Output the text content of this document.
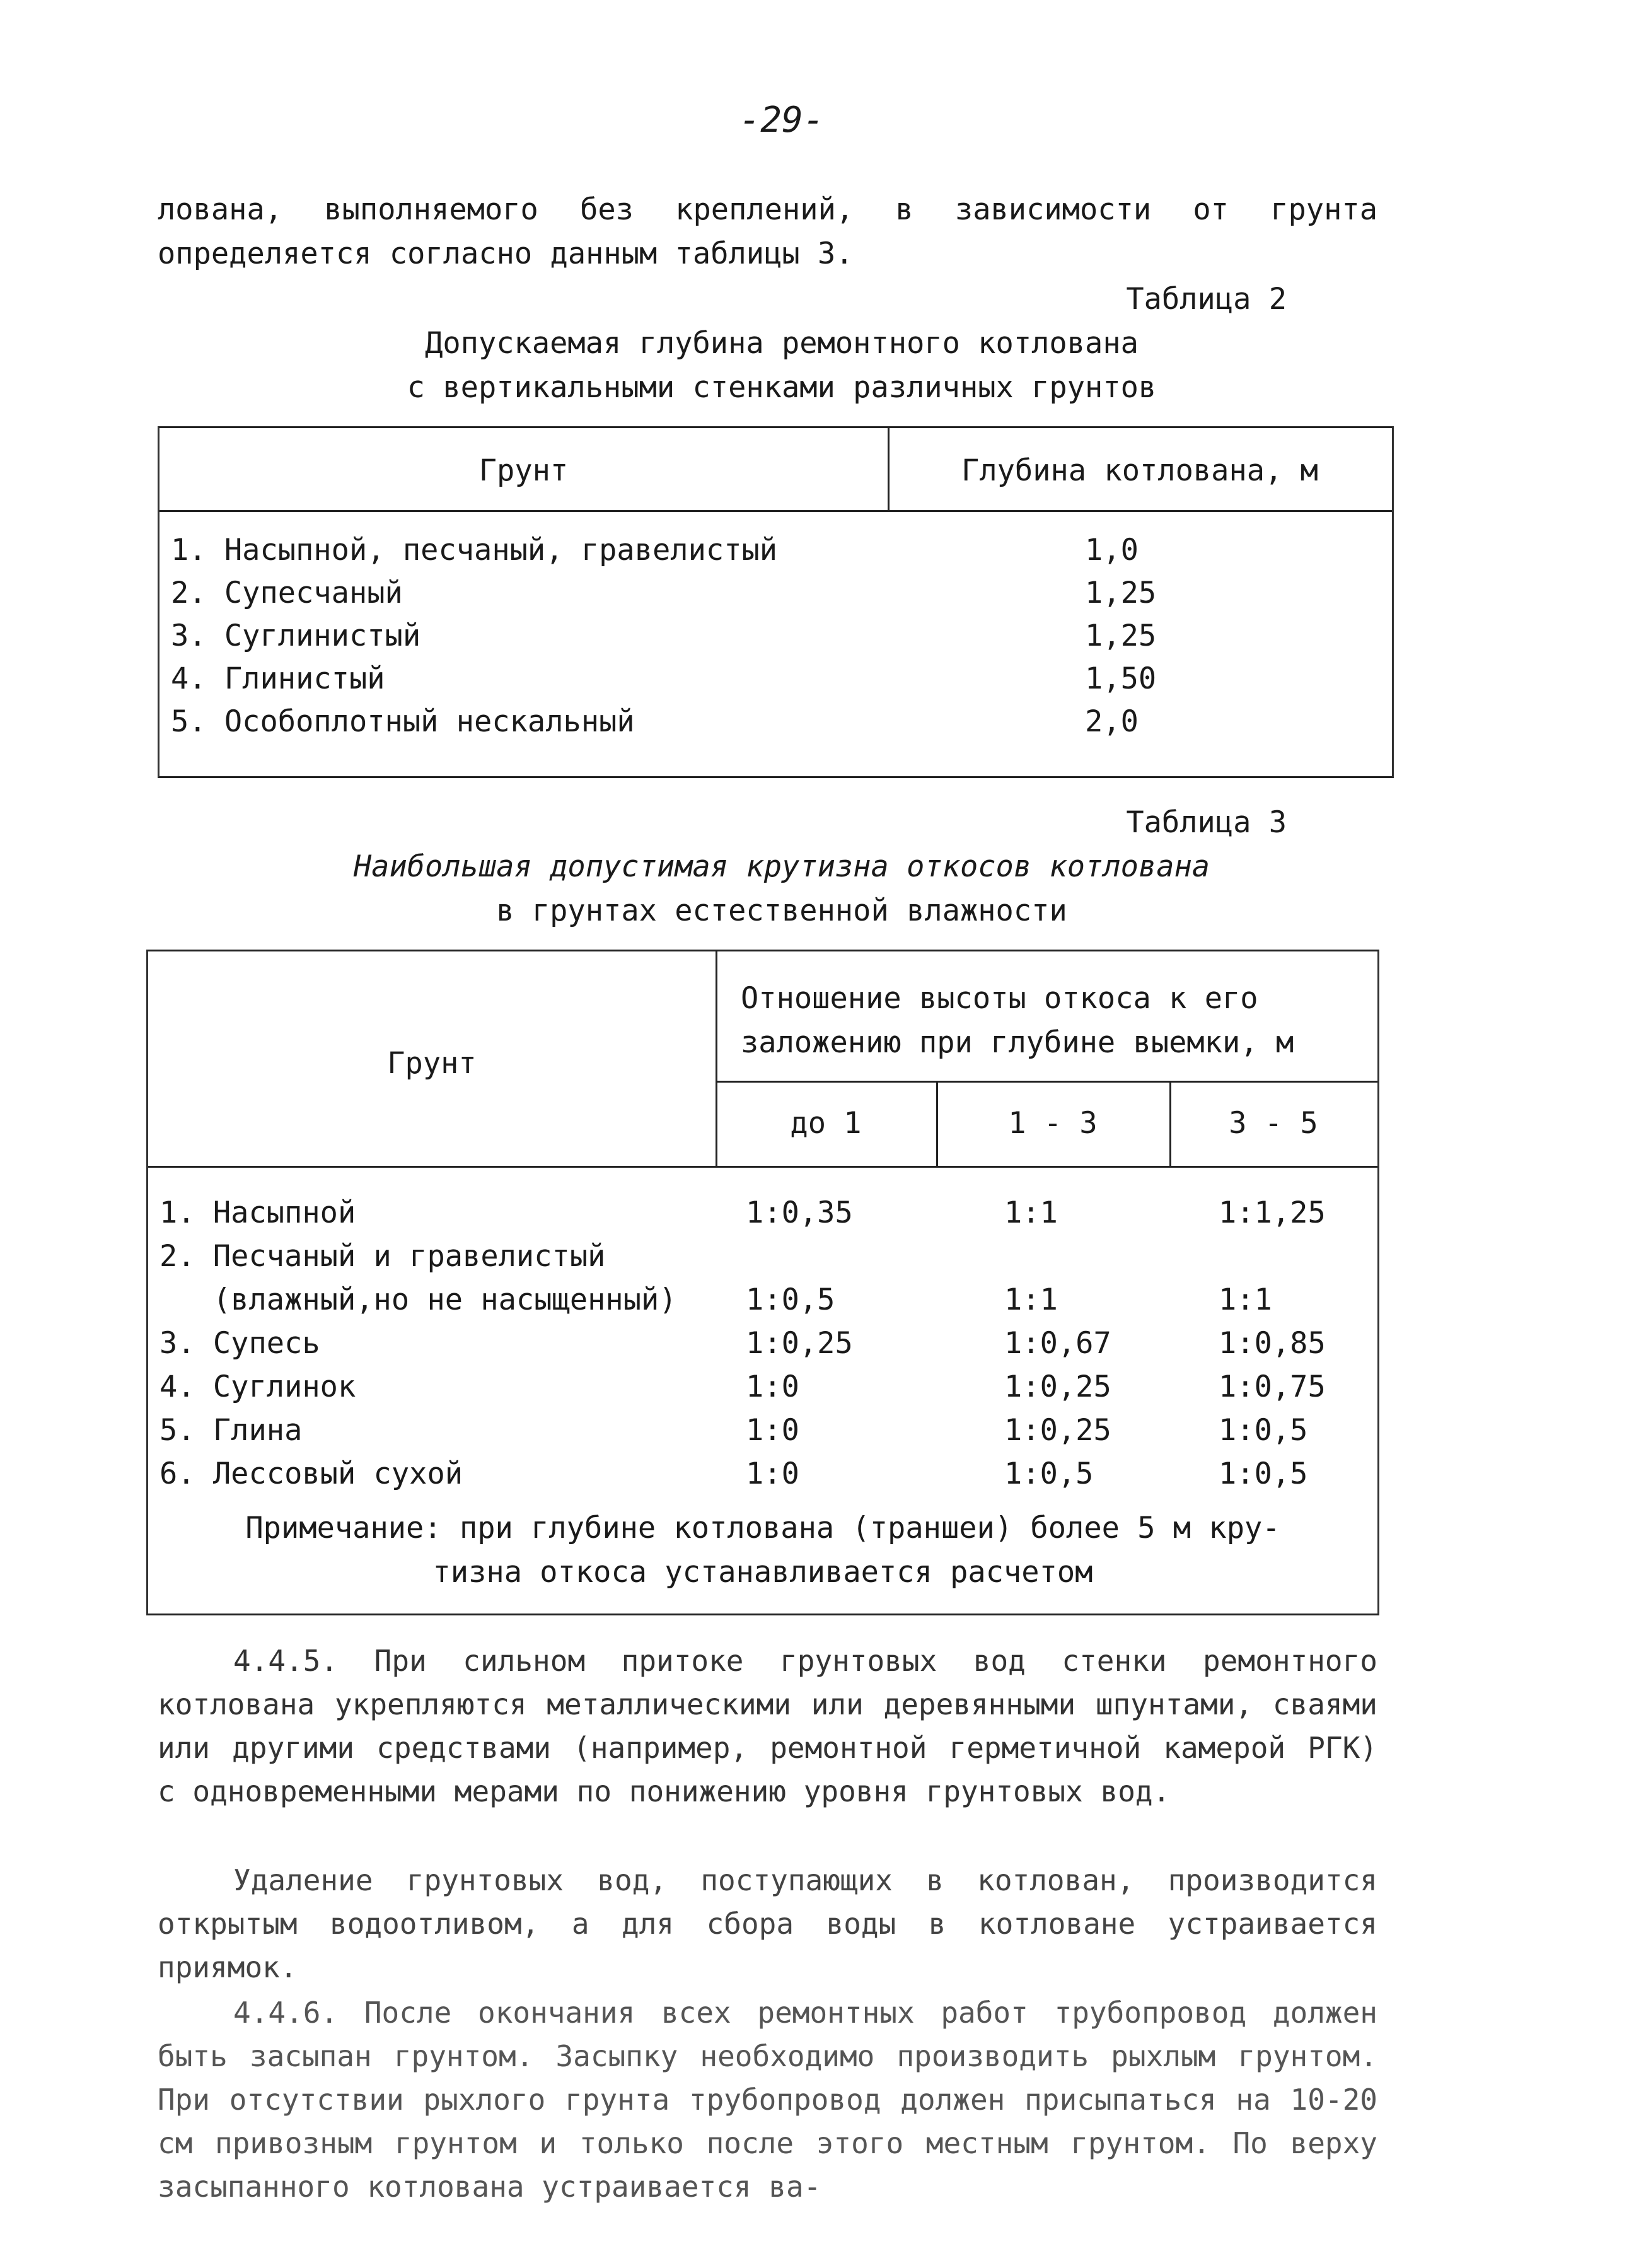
-29-
лована, выполняемого без креплений, в зависимости от грунта определяется согласно данным таблицы 3.
Таблица 2
Допускаемая глубина ремонтного котлована
с вертикальными стенками различных грунтов
Грунт	Глубина котлована, м
1. Насыпной, песчаный, гравелистый	1,0
2. Супесчаный	1,25
3. Суглинистый	1,25
4. Глинистый	1,50
5. Особоплотный нескальный	2,0
Таблица 3
Наибольшая допустимая крутизна откосов котлована
в грунтах естественной влажности
Грунт
Отношение высоты откоса к его
заложению при глубине выемки, м
до 1	1 - 3	3 - 5
1. Насыпной	1:0,35	1:1	1:1,25
2. Песчаный и гравелистый
(влажный,но не насыщенный) 1:0,5	1:1	1:1
3. Супесь	1:0,25	1:0,67	1:0,85
4. Суглинок	1:0	1:0,25	1:0,75
5. Глина	1:0	1:0,25	1:0,5
6. Лессовый сухой	1:0	1:0,5	1:0,5
Примечание: при глубине котлована (траншеи) более 5 м кру-
тизна откоса устанавливается расчетом
4.4.5. При сильном притоке грунтовых вод стенки ремонтного котлована укрепляются металлическими или деревянными шпунтами, сваями или другими средствами (например, ремонтной герметичной камерой РГК) с одновременными мерами по понижению уровня грунтовых вод.
Удаление грунтовых вод, поступающих в котлован, производится открытым водоотливом, а для сбора воды в котловане устраивается приямок.
4.4.6. После окончания всех ремонтных работ трубопровод должен быть засыпан грунтом. Засыпку необходимо производить рыхлым грунтом. При отсутствии рыхлого грунта трубопровод должен присыпаться на 10-20 см привозным грунтом и только после этого местным грунтом. По верху засыпанного котлована устраивается ва-
